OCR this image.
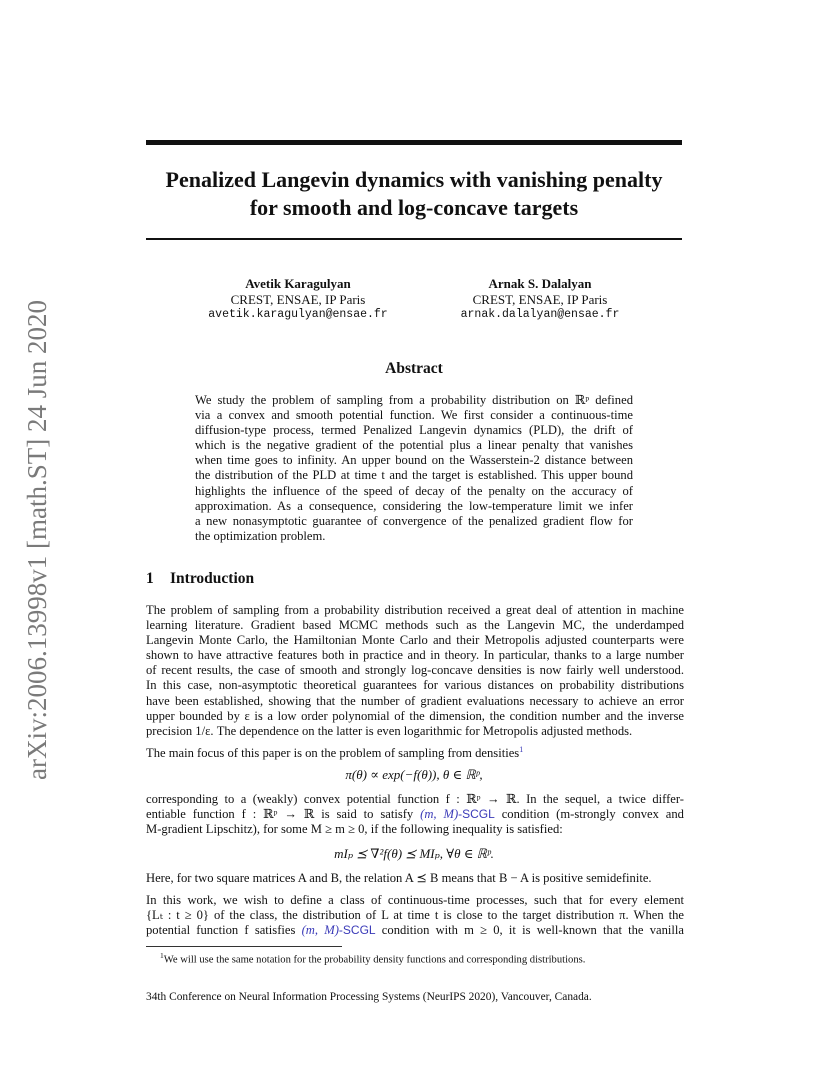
arXiv:2006.13998v1 [math.ST] 24 Jun 2020
Penalized Langevin dynamics with vanishing penalty
for smooth and log-concave targets
Avetik Karagulyan
CREST, ENSAE, IP Paris
avetik.karagulyan@ensae.fr
Arnak S. Dalalyan
CREST, ENSAE, IP Paris
arnak.dalalyan@ensae.fr
Abstract
We study the problem of sampling from a probability distribution on ℝᵖ defined
via a convex and smooth potential function. We first consider a continuous-time
diffusion-type process, termed Penalized Langevin dynamics (PLD), the drift of
which is the negative gradient of the potential plus a linear penalty that vanishes
when time goes to infinity. An upper bound on the Wasserstein-2 distance between
the distribution of the PLD at time t and the target is established. This upper bound
highlights the influence of the speed of decay of the penalty on the accuracy of
approximation. As a consequence, considering the low-temperature limit we infer
a new nonasymptotic guarantee of convergence of the penalized gradient flow for
the optimization problem.
1 Introduction
The problem of sampling from a probability distribution received a great deal of attention in machine
learning literature. Gradient based MCMC methods such as the Langevin MC, the underdamped
Langevin Monte Carlo, the Hamiltonian Monte Carlo and their Metropolis adjusted counterparts were
shown to have attractive features both in practice and in theory. In particular, thanks to a large number
of recent results, the case of smooth and strongly log-concave densities is now fairly well understood.
In this case, non-asymptotic theoretical guarantees for various distances on probability distributions
have been established, showing that the number of gradient evaluations necessary to achieve an error
upper bounded by ε is a low order polynomial of the dimension, the condition number and the inverse
precision 1/ε. The dependence on the latter is even logarithmic for Metropolis adjusted methods.
The main focus of this paper is on the problem of sampling from densities$^1$
π(θ) ∝ exp(−f(θ)), θ ∈ ℝᵖ,
corresponding to a (weakly) convex potential function f : ℝᵖ → ℝ. In the sequel, a twice differ-
entiable function f : ℝᵖ → ℝ is said to satisfy (m, M)-SCGL condition (m-strongly convex and
M-gradient Lipschitz), for some M ≥ m ≥ 0, if the following inequality is satisfied:
mIₚ ⪯ ∇²f(θ) ⪯ MIₚ, ∀θ ∈ ℝᵖ.
Here, for two square matrices A and B, the relation A ⪯ B means that B − A is positive semidefinite.
In this work, we wish to define a class of continuous-time processes, such that for every element
{Lₜ : t ≥ 0} of the class, the distribution of L at time t is close to the target distribution π. When the
potential function f satisfies (m, M)-SCGL condition with m ≥ 0, it is well-known that the vanilla
$^1$We will use the same notation for the probability density functions and corresponding distributions.
34th Conference on Neural Information Processing Systems (NeurIPS 2020), Vancouver, Canada.
